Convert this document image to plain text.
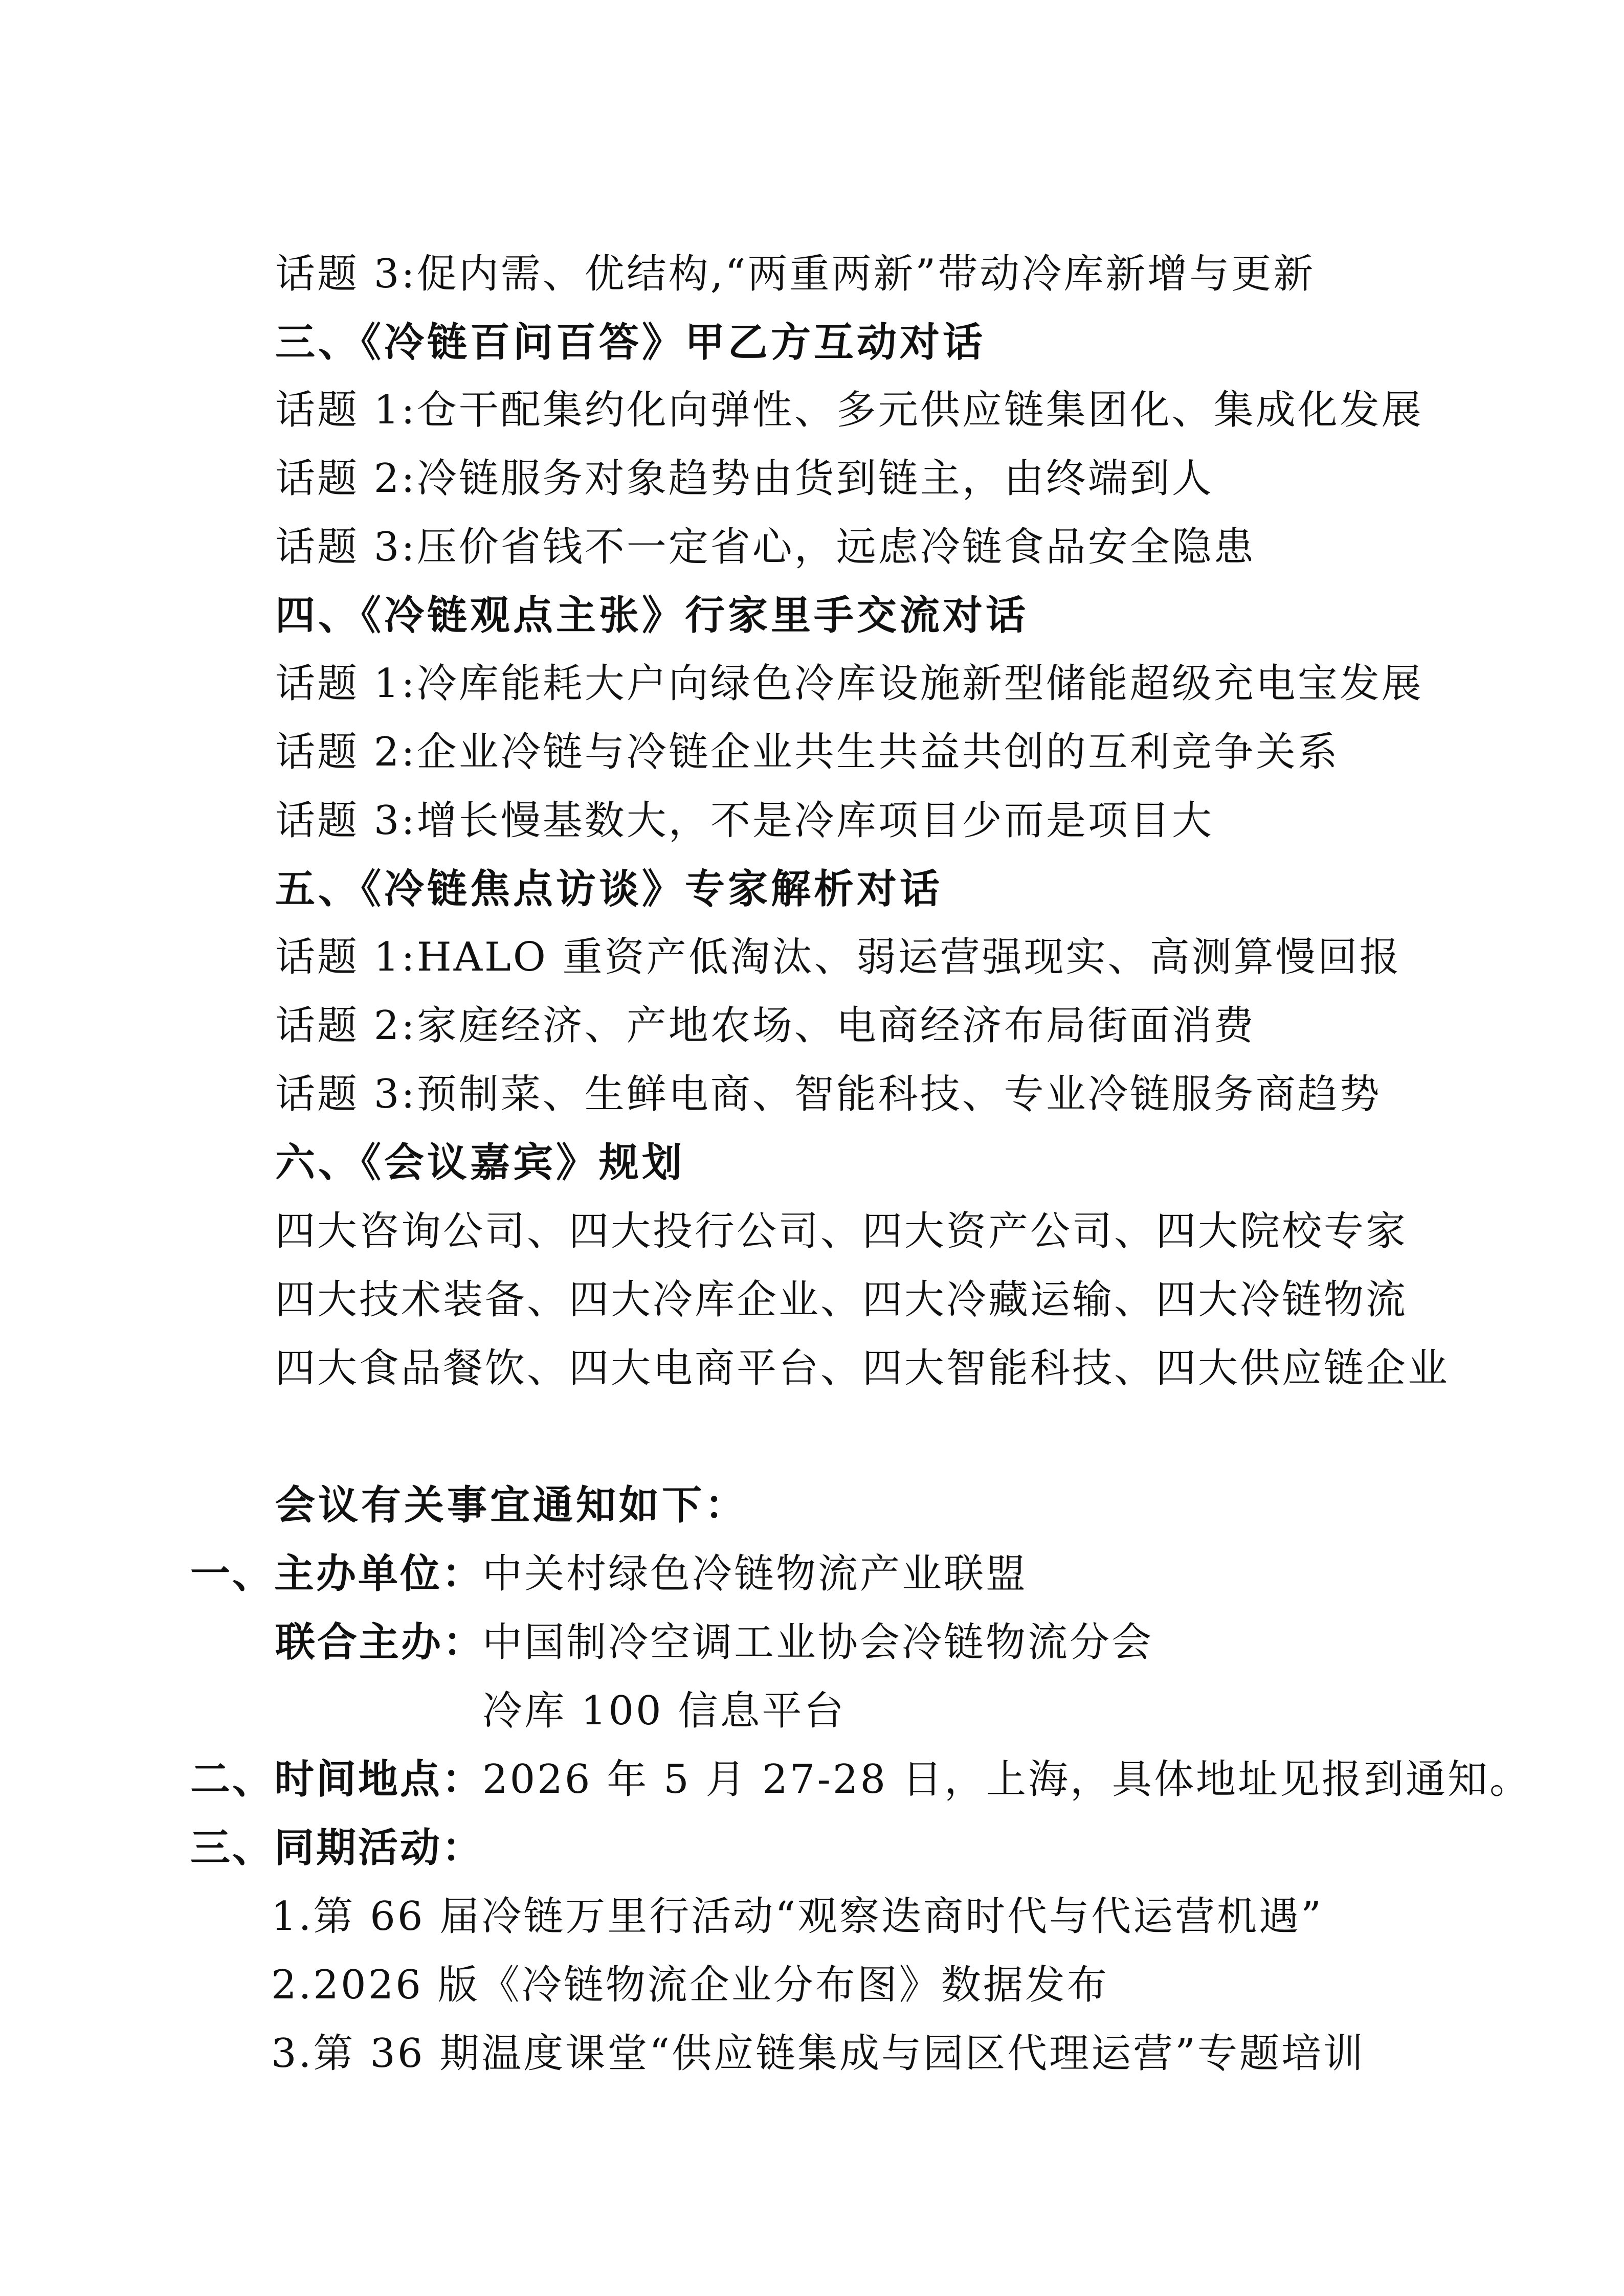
话题 3:促内需、优结构,“两重两新”带动冷库新增与更新
三、《冷链百问百答》甲乙方互动对话
话题 1:仓干配集约化向弹性、多元供应链集团化、集成化发展
话题 2:冷链服务对象趋势由货到链主，由终端到人
话题 3:压价省钱不一定省心，远虑冷链食品安全隐患
四、《冷链观点主张》行家里手交流对话
话题 1:冷库能耗大户向绿色冷库设施新型储能超级充电宝发展
话题 2:企业冷链与冷链企业共生共益共创的互利竞争关系
话题 3:增长慢基数大，不是冷库项目少而是项目大
五、《冷链焦点访谈》专家解析对话
话题 1:HALO 重资产低淘汰、弱运营强现实、高测算慢回报
话题 2:家庭经济、产地农场、电商经济布局街面消费
话题 3:预制菜、生鲜电商、智能科技、专业冷链服务商趋势
六、《会议嘉宾》规划
四大咨询公司、四大投行公司、四大资产公司、四大院校专家
四大技术装备、四大冷库企业、四大冷藏运输、四大冷链物流
四大食品餐饮、四大电商平台、四大智能科技、四大供应链企业
会议有关事宜通知如下：
一、主办单位：
中关村绿色冷链物流产业联盟
联合主办：
中国制冷空调工业协会冷链物流分会
冷库 100 信息平台
二、时间地点：
2026 年 5 月 27-28 日，上海，具体地址见报到通知。
三、同期活动：
1.第 66 届冷链万里行活动“观察迭商时代与代运营机遇”
2.2026 版《冷链物流企业分布图》数据发布
3.第 36 期温度课堂“供应链集成与园区代理运营”专题培训
